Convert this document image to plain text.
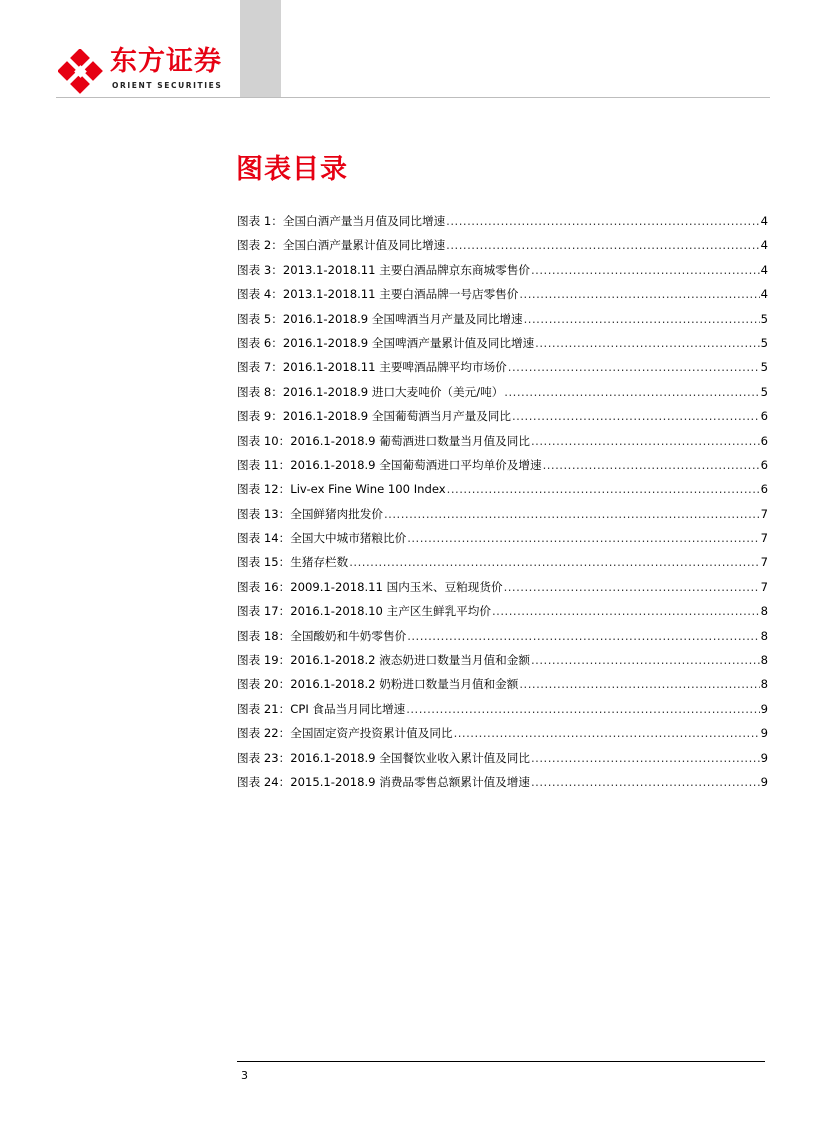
东方证券
ORIENT SECURITIES
图表目录
图表 1： 全国白酒产量当月值及同比增速 .....	4
图表 2： 全国白酒产量累计值及同比增速 .....	4
图表 3： 2013.1-2018.11 主要白酒品牌京东商城零售价 .....	4
图表 4： 2013.1-2018.11 主要白酒品牌一号店零售价 .....	4
图表 5： 2016.1-2018.9 全国啤酒当月产量及同比增速 .....	5
图表 6： 2016.1-2018.9 全国啤酒产量累计值及同比增速 .....	5
图表 7： 2016.1-2018.11 主要啤酒品牌平均市场价 .....	5
图表 8： 2016.1-2018.9 进口大麦吨价（美元/吨） .....	5
图表 9： 2016.1-2018.9 全国葡萄酒当月产量及同比 .....	6
图表 10： 2016.1-2018.9 葡萄酒进口数量当月值及同比 .....	6
图表 11： 2016.1-2018.9 全国葡萄酒进口平均单价及增速 .....	6
图表 12： Liv-ex Fine Wine 100 Index .....	6
图表 13： 全国鲜猪肉批发价 .....	7
图表 14： 全国大中城市猪粮比价 .....	7
图表 15： 生猪存栏数 .....	7
图表 16： 2009.1-2018.11 国内玉米、豆粕现货价 .....	7
图表 17： 2016.1-2018.10 主产区生鲜乳平均价 .....	8
图表 18： 全国酸奶和牛奶零售价 .....	8
图表 19： 2016.1-2018.2 液态奶进口数量当月值和金额 .....	8
图表 20： 2016.1-2018.2 奶粉进口数量当月值和金额 .....	8
图表 21： CPI 食品当月同比增速 .....	9
图表 22： 全国固定资产投资累计值及同比 .....	9
图表 23： 2016.1-2018.9 全国餐饮业收入累计值及同比 .....	9
图表 24： 2015.1-2018.9 消费品零售总额累计值及增速 .....	9
3
